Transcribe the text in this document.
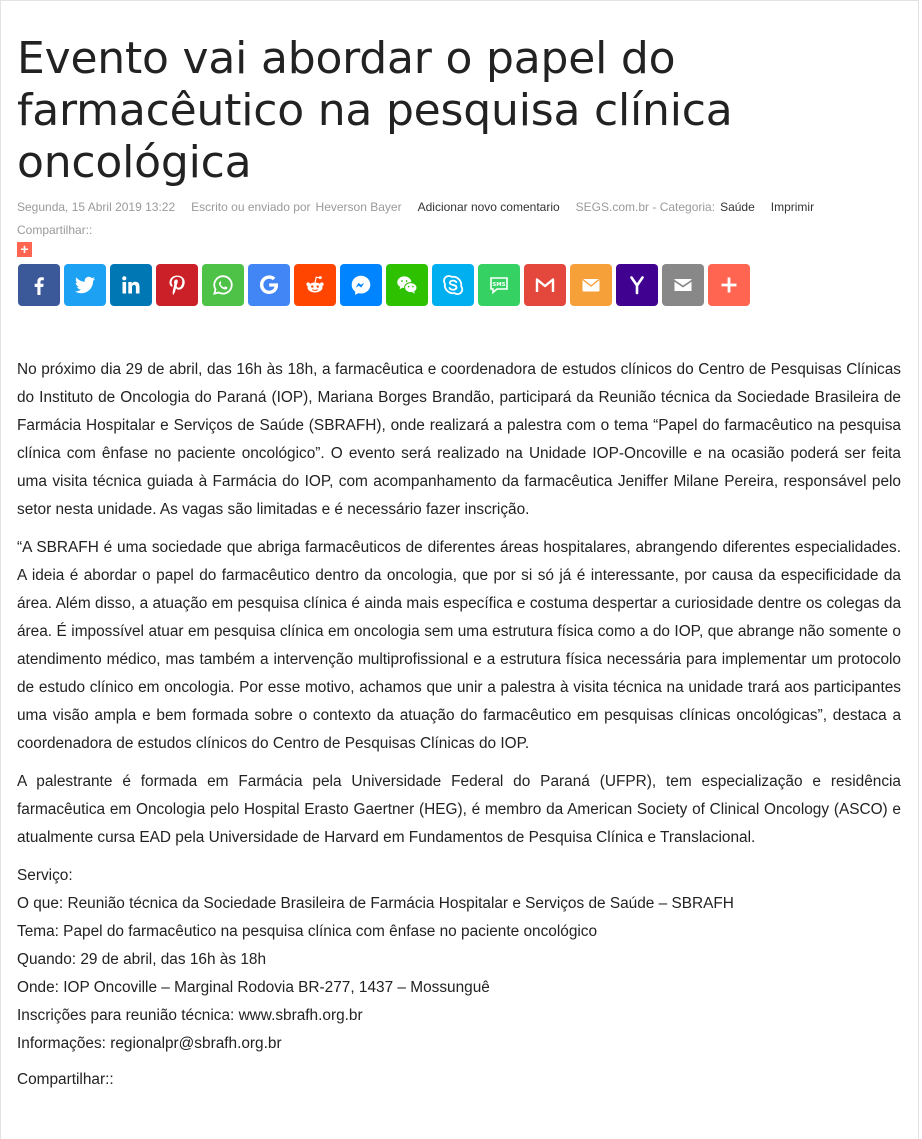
Evento vai abordar o papel do farmacêutico na pesquisa clínica oncológica
Segunda, 15 Abril 2019 13:22 Escrito ou enviado por Heverson Bayer Adicionar novo comentario SEGS.com.br - Categoria: Saúde Imprimir
Compartilhar::
+
SMS

No próximo dia 29 de abril, das 16h às 18h, a farmacêutica e coordenadora de estudos clínicos do Centro de Pesquisas Clínicas do Instituto de Oncologia do Paraná (IOP), Mariana Borges Brandão, participará da Reunião técnica da Sociedade Brasileira de Farmácia Hospitalar e Serviços de Saúde (SBRAFH), onde realizará a palestra com o tema “Papel do farmacêutico na pesquisa clínica com ênfase no paciente oncológico”. O evento será realizado na Unidade IOP-Oncoville e na ocasião poderá ser feita uma visita técnica guiada à Farmácia do IOP, com acompanhamento da farmacêutica Jeniffer Milane Pereira, responsável pelo setor nesta unidade. As vagas são limitadas e é necessário fazer inscrição.

“A SBRAFH é uma sociedade que abriga farmacêuticos de diferentes áreas hospitalares, abrangendo diferentes especialidades. A ideia é abordar o papel do farmacêutico dentro da oncologia, que por si só já é interessante, por causa da especificidade da área. Além disso, a atuação em pesquisa clínica é ainda mais específica e costuma despertar a curiosidade dentre os colegas da área. É impossível atuar em pesquisa clínica em oncologia sem uma estrutura física como a do IOP, que abrange não somente o atendimento médico, mas também a intervenção multiprofissional e a estrutura física necessária para implementar um protocolo de estudo clínico em oncologia. Por esse motivo, achamos que unir a palestra à visita técnica na unidade trará aos participantes uma visão ampla e bem formada sobre o contexto da atuação do farmacêutico em pesquisas clínicas oncológicas”, destaca a coordenadora de estudos clínicos do Centro de Pesquisas Clínicas do IOP.

A palestrante é formada em Farmácia pela Universidade Federal do Paraná (UFPR), tem especialização e residência farmacêutica em Oncologia pelo Hospital Erasto Gaertner (HEG), é membro da American Society of Clinical Oncology (ASCO) e atualmente cursa EAD pela Universidade de Harvard em Fundamentos de Pesquisa Clínica e Translacional.

Serviço:
O que: Reunião técnica da Sociedade Brasileira de Farmácia Hospitalar e Serviços de Saúde – SBRAFH
Tema: Papel do farmacêutico na pesquisa clínica com ênfase no paciente oncológico
Quando: 29 de abril, das 16h às 18h
Onde: IOP Oncoville – Marginal Rodovia BR-277, 1437 – Mossunguê
Inscrições para reunião técnica: www.sbrafh.org.br
Informações: regionalpr@sbrafh.org.br

Compartilhar::
